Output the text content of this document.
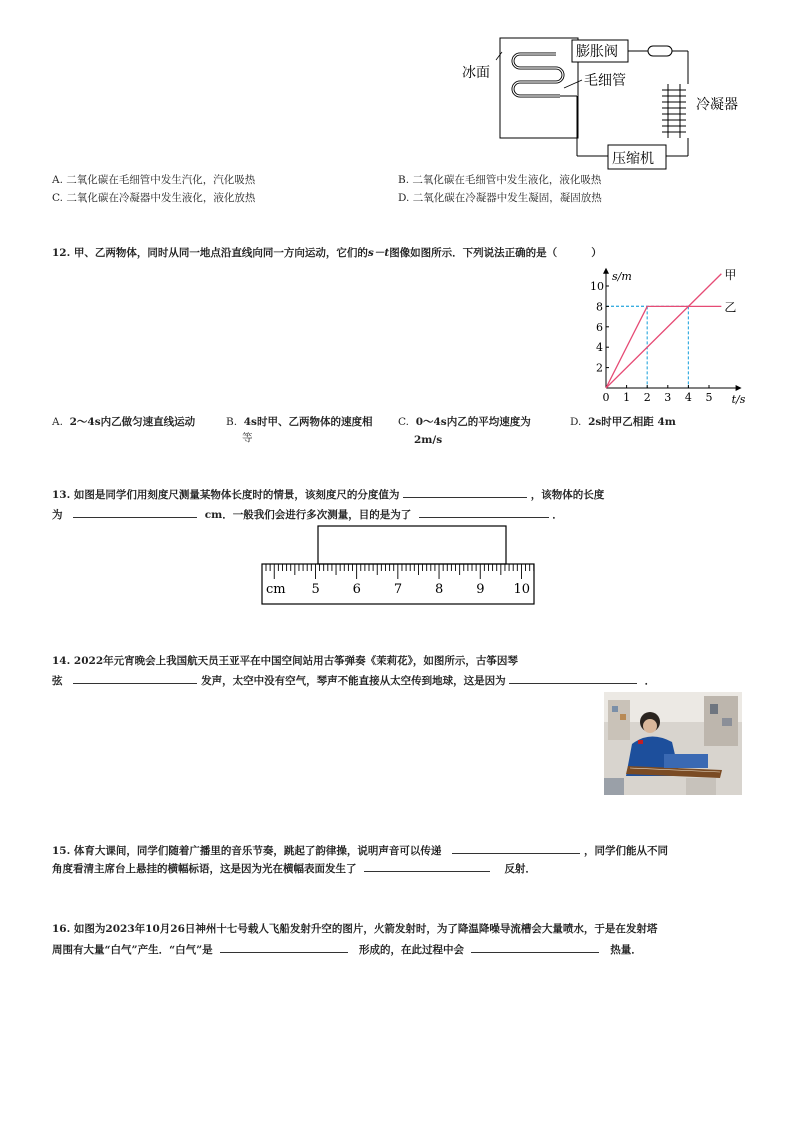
冰面	毛细管
膨胀阀
冷凝器
压缩机
A. 二氧化碳在毛细管中发生汽化，汽化吸热	B. 二氧化碳在毛细管中发生液化，液化吸热
C. 二氧化碳在冷凝器中发生液化，液化放热	D. 二氧化碳在冷凝器中发生凝固，凝固放热
12. 甲、乙两物体，同时从同一地点沿直线向同一方向运动，它们的s－t图像如图所示．下列说法正确的是（	）
0 1 2 3 4 5
2
4
6
8
10
s/m
t/s
甲
乙
A. 2～4s内乙做匀速直线运动	B. 4s时甲、乙两物体的速度相
等
C. 0～4s内乙的平均速度为
2m/s
D. 2s时甲乙相距 4m
13. 如图是同学们用刻度尺测量某物体长度时的情景，该刻度尺的分度值为	，该物体的长度
为	cm．一般我们会进行多次测量，目的是为了	．
cm 5	6	7	8	9 10
14. 2022年元宵晚会上我国航天员王亚平在中国空间站用古筝弹奏《茉莉花》，如图所示，古筝因琴
弦	发声，太空中没有空气，琴声不能直接从太空传到地球，这是因为	．
15. 体育大课间，同学们随着广播里的音乐节奏，跳起了韵律操，说明声音可以传递	，同学们能从不同
角度看清主席台上悬挂的横幅标语，这是因为光在横幅表面发生了	反射．
16. 如图为2023年10月26日神州十七号载人飞船发射升空的图片，火箭发射时，为了降温降噪导流槽会大量喷水，于是在发射塔
周围有大量“白气”产生．“白气”是	形成的，在此过程中会	热量．
